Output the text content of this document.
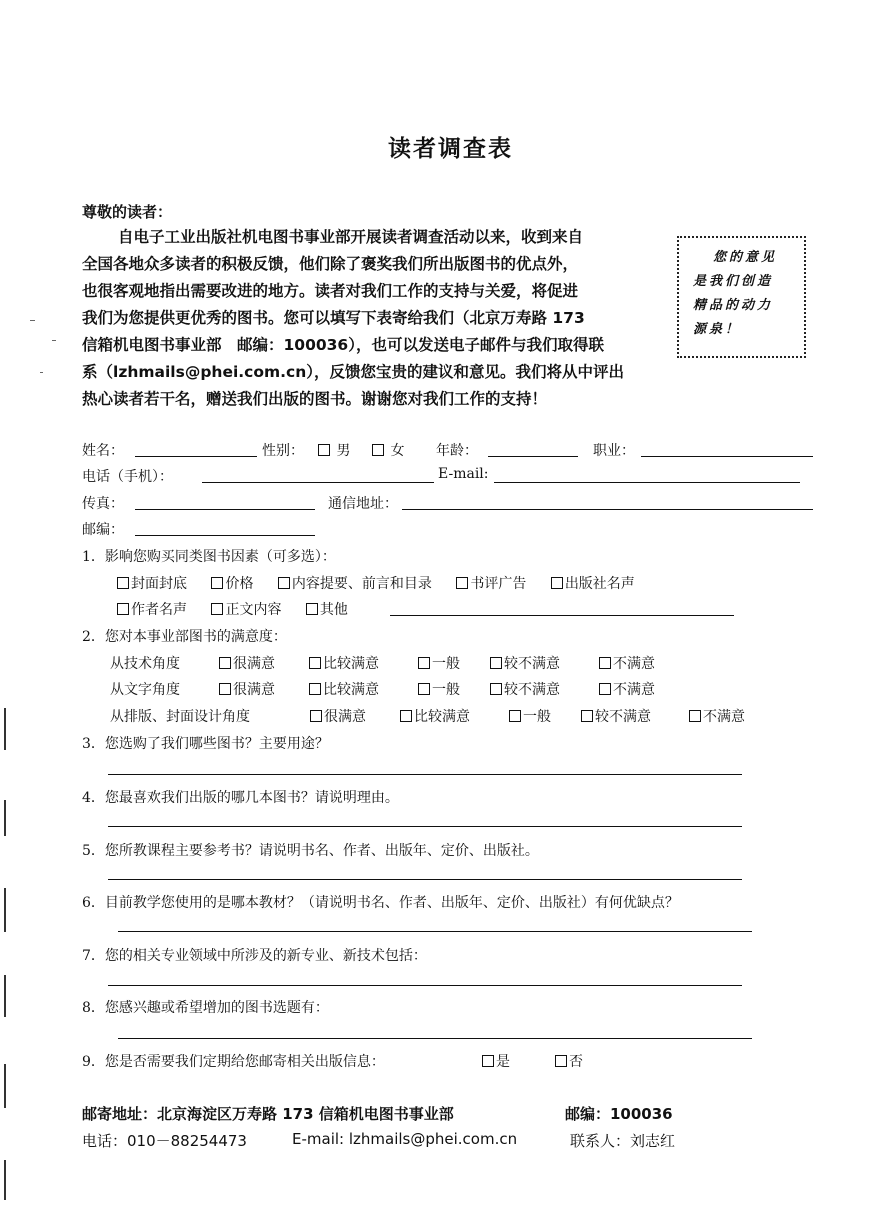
读者调查表
尊敬的读者：
自电子工业出版社机电图书事业部开展读者调查活动以来，收到来自
全国各地众多读者的积极反馈，他们除了褒奖我们所出版图书的优点外，
也很客观地指出需要改进的地方。读者对我们工作的支持与关爱，将促进
我们为您提供更优秀的图书。您可以填写下表寄给我们（北京万寿路 173
信箱机电图书事业部　邮编：100036），也可以发送电子邮件与我们取得联
系（lzhmails@phei.com.cn），反馈您宝贵的建议和意见。我们将从中评出
热心读者若干名，赠送我们出版的图书。谢谢您对我们工作的支持！
您的意见
是我们创造
精品的动力
源泉！
姓名：	性别：	男	女 年龄：	职业：
电话（手机）：	E-mail:
传真：	通信地址：
邮编：
1．影响您购买同类图书因素（可多选）：
封面封底	价格	内容提要、前言和目录	书评广告	出版社名声
作者名声	正文内容	其他
2．您对本事业部图书的满意度：
从技术角度	很满意	比较满意	一般	较不满意	不满意
从文字角度	很满意	比较满意	一般	较不满意	不满意
从排版、封面设计角度	很满意	比较满意	一般	较不满意	不满意
3．您选购了我们哪些图书？主要用途？
4．您最喜欢我们出版的哪几本图书？请说明理由。
5．您所教课程主要参考书？请说明书名、作者、出版年、定价、出版社。
6．目前教学您使用的是哪本教材？（请说明书名、作者、出版年、定价、出版社）有何优缺点？
7．您的相关专业领域中所涉及的新专业、新技术包括：
8．您感兴趣或希望增加的图书选题有：
9．您是否需要我们定期给您邮寄相关出版信息：	是	否
邮寄地址：北京海淀区万寿路 173 信箱机电图书事业部	邮编：100036
电话：010－88254473	E-mail: lzhmails@phei.com.cn	联系人：刘志红
